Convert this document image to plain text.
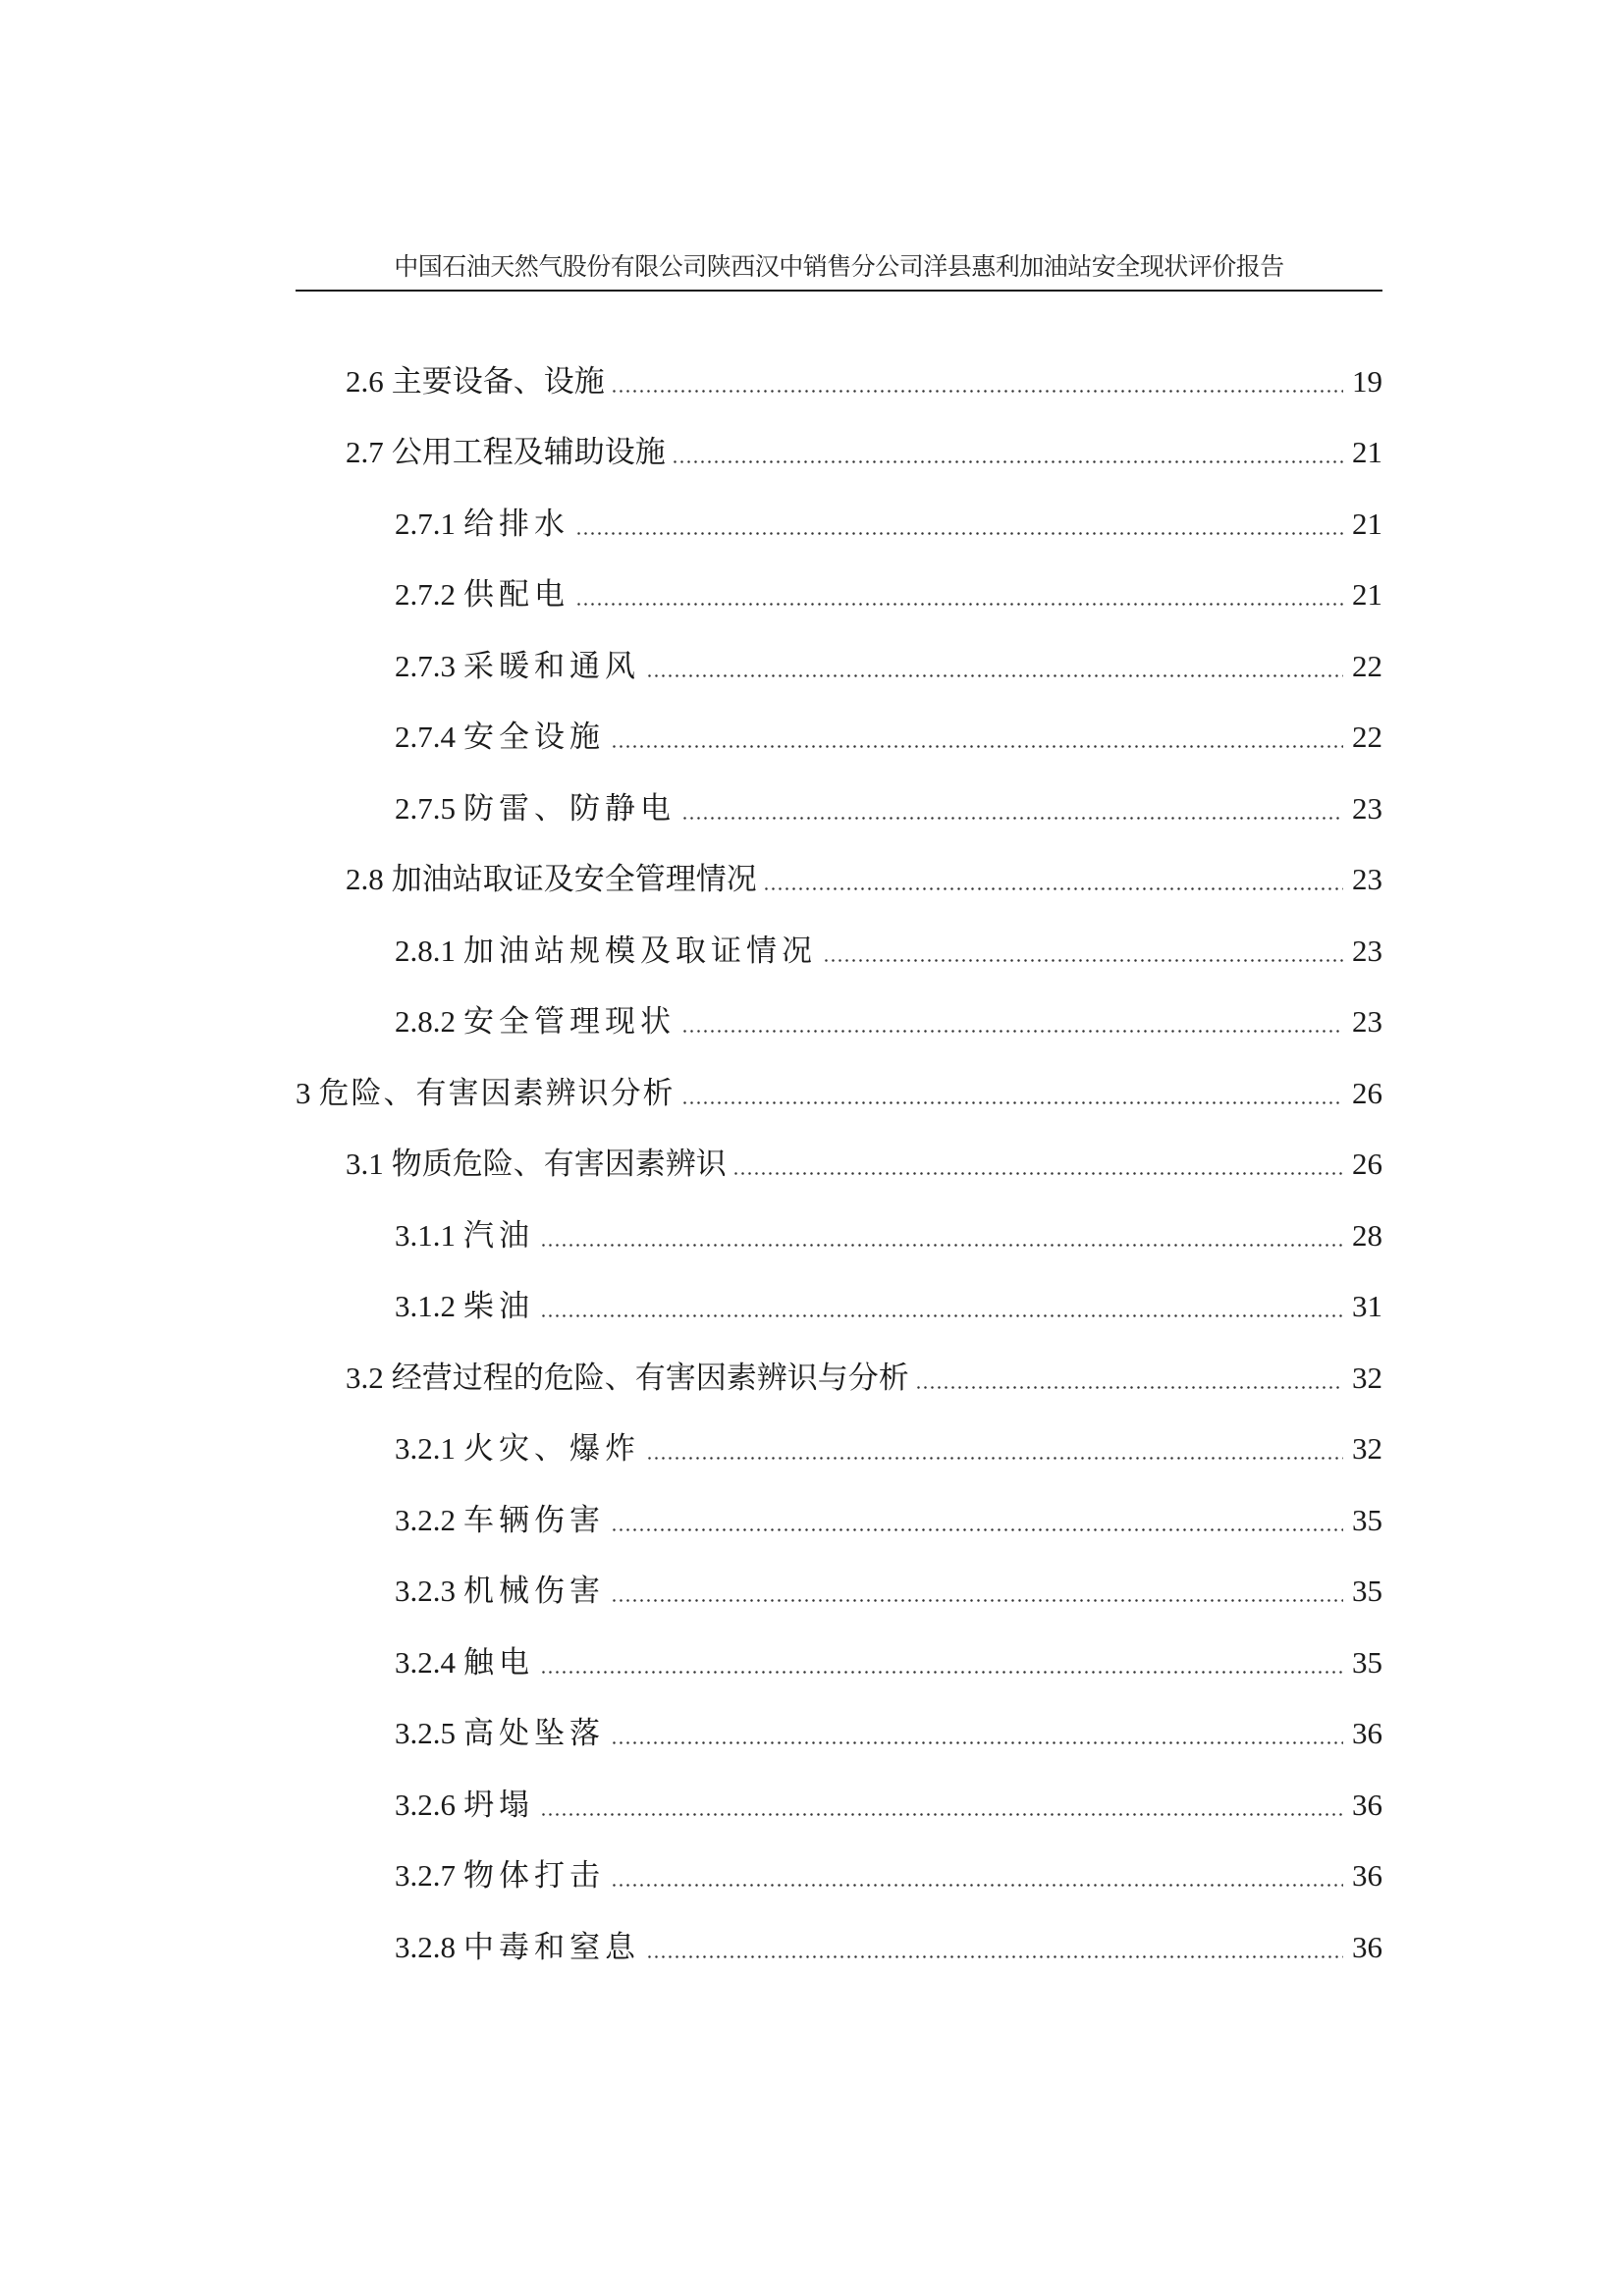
中国石油天然气股份有限公司陕西汉中销售分公司洋县惠利加油站安全现状评价报告
2.6 主要设备、设施	19
2.7 公用工程及辅助设施	21
2.7.1 给排水	21
2.7.2 供配电	21
2.7.3 采暖和通风	22
2.7.4 安全设施	22
2.7.5 防雷、防静电	23
2.8 加油站取证及安全管理情况	23
2.8.1 加油站规模及取证情况	23
2.8.2 安全管理现状	23
3 危险、有害因素辨识分析	26
3.1 物质危险、有害因素辨识	26
3.1.1 汽油	28
3.1.2 柴油	31
3.2 经营过程的危险、有害因素辨识与分析	32
3.2.1 火灾、爆炸	32
3.2.2 车辆伤害	35
3.2.3 机械伤害	35
3.2.4 触电	35
3.2.5 高处坠落	36
3.2.6 坍塌	36
3.2.7 物体打击	36
3.2.8 中毒和窒息	36
